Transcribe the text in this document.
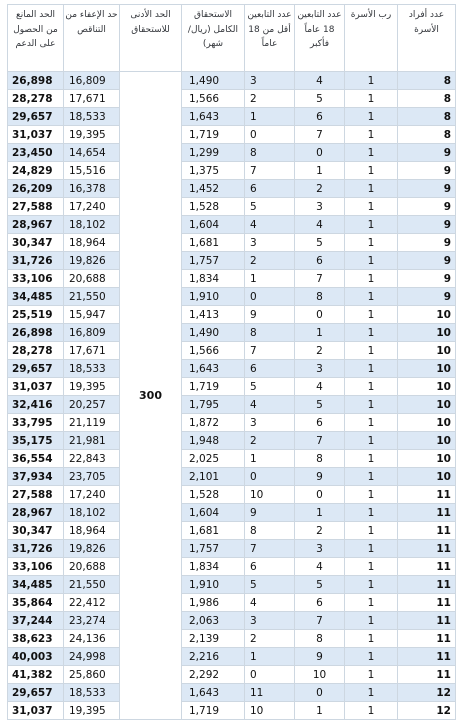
عدد أفراد الأسرة	رب الأسرة	عدد التابعين 18 عاماً فأكبر	عدد التابعين أقل من 18 عاماً	الاستحقاق الكامل (ريال/شهر)	الحد الأدنى للاستحقاق	حد الإعفاء من التناقص	الحد المانع من الحصول على الدعم
8	1	4	3	1,490	300	16,809	26,898
8	1	5	2	1,566		17,671	28,278
8	1	6	1	1,643		18,533	29,657
8	1	7	0	1,719		19,395	31,037
9	1	0	8	1,299		14,654	23,450
9	1	1	7	1,375		15,516	24,829
9	1	2	6	1,452		16,378	26,209
9	1	3	5	1,528		17,240	27,588
9	1	4	4	1,604		18,102	28,967
9	1	5	3	1,681		18,964	30,347
9	1	6	2	1,757		19,826	31,726
9	1	7	1	1,834		20,688	33,106
9	1	8	0	1,910		21,550	34,485
10	1	0	9	1,413		15,947	25,519
10	1	1	8	1,490		16,809	26,898
10	1	2	7	1,566		17,671	28,278
10	1	3	6	1,643		18,533	29,657
10	1	4	5	1,719		19,395	31,037
10	1	5	4	1,795		20,257	32,416
10	1	6	3	1,872		21,119	33,795
10	1	7	2	1,948		21,981	35,175
10	1	8	1	2,025		22,843	36,554
10	1	9	0	2,101		23,705	37,934
11	1	0	10	1,528		17,240	27,588
11	1	1	9	1,604		18,102	28,967
11	1	2	8	1,681		18,964	30,347
11	1	3	7	1,757		19,826	31,726
11	1	4	6	1,834		20,688	33,106
11	1	5	5	1,910		21,550	34,485
11	1	6	4	1,986		22,412	35,864
11	1	7	3	2,063		23,274	37,244
11	1	8	2	2,139		24,136	38,623
11	1	9	1	2,216		24,998	40,003
11	1	10	0	2,292		25,860	41,382
12	1	0	11	1,643		18,533	29,657
12	1	1	10	1,719		19,395	31,037
